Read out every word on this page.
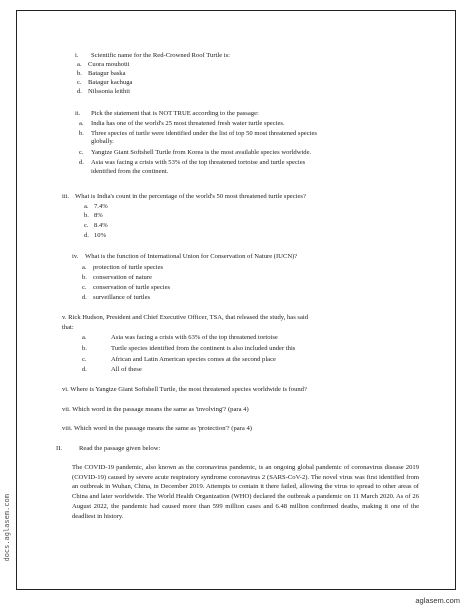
i. Scientific name for the Red-Crowned Roof Turtle is:
a. Cuora mouhotii
b. Batagur baska
c. Batagur kachuga
d. Nilssonia leithii
ii. Pick the statement that is NOT TRUE according to the passage:
a. India has one of the world's 25 most threatened fresh water turtle species.
b. Three species of turtle were identified under the list of top 50 most threatened species
globally.
c. Yangtze Giant Softshell Turtle from Korea is the most available species worldwide.
d. Asia was facing a crisis with 53% of the top threatened tortoise and turtle species
identified from the continent.
iii. What is India's count in the percentage of the world's 50 most threatened turtle species?
a. 7.4%
b. 8%
c. 8.4%
d. 10%
iv. What is the function of International Union for Conservation of Nature (IUCN)?
a. protection of turtle species
b. conservation of nature
c. conservation of turtle species
d. surveillance of turtles
v. Rick Hudson, President and Chief Executive Officer, TSA, that released the study, has said
that:
a.	Asia was facing a crisis with 63% of the top threatened tortoise
b.	Turtle species identified from the continent is also included under this
c.	African and Latin American species comes at the second place
d.	All of these
vi. Where is Yangtze Giant Softshell Turtle, the most threatened species worldwide is found?
vii. Which word in the passage means the same as 'involving'? (para 4)
viii. Which word in the passage means the same as 'protection'? (para 4)
II.	Read the passage given below:
The COVID-19 pandemic, also known as the coronavirus pandemic, is an ongoing global pandemic of coronavirus disease 2019 (COVID-19) caused by severe acute respiratory syndrome coronavirus 2 (SARS-CoV-2). The novel virus was first identified from an outbreak in Wuhan, China, in December 2019. Attempts to contain it there failed, allowing the virus to spread to other areas of China and later worldwide. The World Health Organization (WHO) declared the outbreak a pandemic on 11 March 2020. As of 26 August 2022, the pandemic had caused more than 599 million cases and 6.48 million confirmed deaths, making it one of the deadliest in history.
docs.aglasem.com
aglasem.com
